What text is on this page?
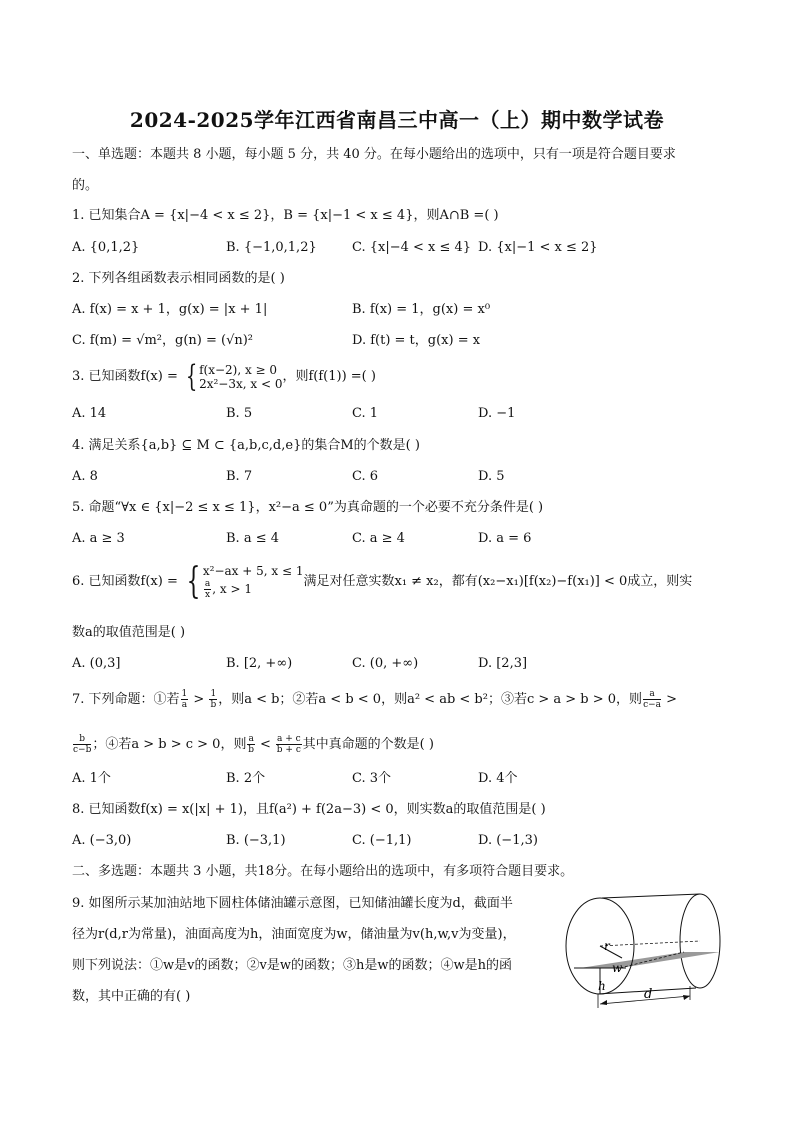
2024-2025学年江西省南昌三中高一（上）期中数学试卷
一、单选题：本题共 8 小题，每小题 5 分，共 40 分。在每小题给出的选项中，只有一项是符合题目要求
的。
1. 已知集合A = {x|−4 < x ≤ 2}，B = {x|−1 < x ≤ 4}，则A∩B =( )
A. {0,1,2}	B. {−1,0,1,2}	C. {x|−4 < x ≤ 4} D. {x|−1 < x ≤ 2}
2. 下列各组函数表示相同函数的是( )
A. f(x) = x + 1，g(x) = |x + 1|	B. f(x) = 1，g(x) = x⁰
C. f(m) = √m²，g(n) = (√n)²	D. f(t) = t，g(x) = x
3. 已知函数f(x) = { f(x−2), x ≥ 0
2x²−3x, x < 0 ，则f(f(1)) =( )
A. 14	B. 5	C. 1	D. −1
4. 满足关系{a,b} ⊆ M ⊂ {a,b,c,d,e}的集合M的个数是( )
A. 8	B. 7	C. 6	D. 5
5. 命题“∀x ∈ {x|−2 ≤ x ≤ 1}，x²−a ≤ 0”为真命题的一个必要不充分条件是( )
A. a ≥ 3	B. a ≤ 4	C. a ≥ 4	D. a = 6
6. 已知函数f(x) = { x²−ax + 5, x ≤ 1
$\frac{a}{x}$ , x > 1	满足对任意实数x₁ ≠ x₂，都有(x₂−x₁)[f(x₂)−f(x₁)] < 0成立，则实
数a的取值范围是( )
A. (0,3]	B. [2, +∞)	C. (0, +∞)	D. [2,3]
7. 下列命题：①若 $\frac{1}{a} > \frac{1}{b}$ ，则a < b；②若a < b < 0，则a² < ab < b²；③若c > a > b > 0，则 $\frac{a}{c-a}$ >
$\frac{b}{c-b}$ ；④若a > b > c > 0，则 $\frac{a}{b} < \frac{a + c}{b + c}$ 其中真命题的个数是( )
A. 1个	B. 2个	C. 3个	D. 4个
8. 已知函数f(x) = x(|x| + 1)，且f(a²) + f(2a−3) < 0，则实数a的取值范围是( )
A. (−3,0)	B. (−3,1)	C. (−1,1)	D. (−1,3)
二、多选题：本题共 3 小题，共18分。在每小题给出的选项中，有多项符合题目要求。
9. 如图所示某加油站地下圆柱体储油罐示意图，已知储油罐长度为d，截面半
径为r(d,r为常量)，油面高度为h，油面宽度为w，储油量为v(h,w,v为变量)，
则下列说法：①w是v的函数；②v是w的函数；③h是w的函数；④w是h的函
数，其中正确的有( )
r
w
h
d
